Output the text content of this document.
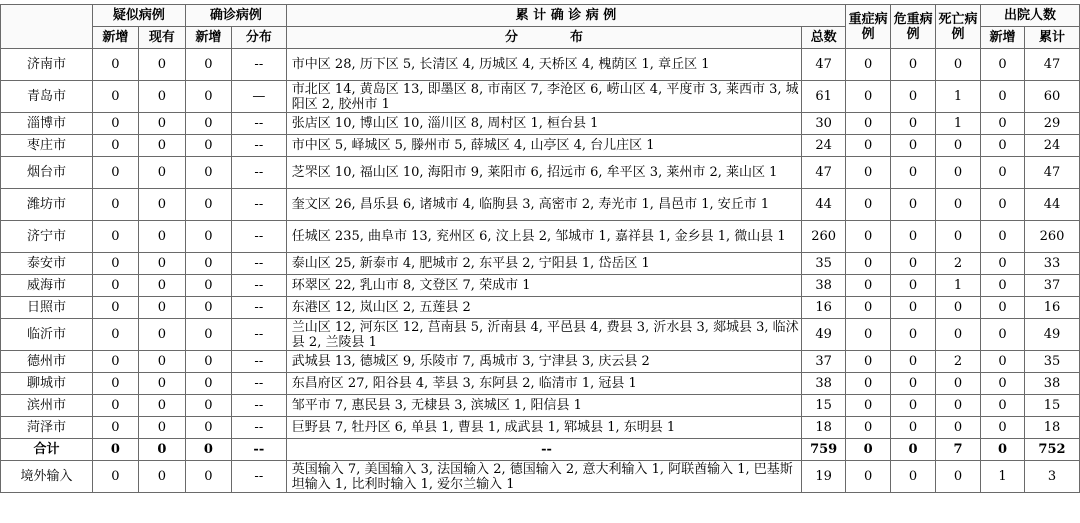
	疑似病例		确诊病例		累 计 确 诊 病 例		重症病例	危重病例	死亡病例	出院人数	
	新增	现有	新增	分布	分　　　　布	总数				新增	累计
济南市	0	0	0	--	市中区 28, 历下区 5, 长清区 4, 历城区 4, 天桥区 4, 槐荫区 1, 章丘区 1	47	0	0	0	0	47
青岛市	0	0	0	—	市北区 14, 黄岛区 13, 即墨区 8, 市南区 7, 李沧区 6, 崂山区 4, 平度市 3, 莱西市 3, 城阳区 2, 胶州市 1	61	0	0	1	0	60
淄博市	0	0	0	--	张店区 10, 博山区 10, 淄川区 8, 周村区 1, 桓台县 1	30	0	0	1	0	29
枣庄市	0	0	0	--	市中区 5, 峄城区 5, 滕州市 5, 薛城区 4, 山亭区 4, 台儿庄区 1	24	0	0	0	0	24
烟台市	0	0	0	--	芝罘区 10, 福山区 10, 海阳市 9, 莱阳市 6, 招远市 6, 牟平区 3, 莱州市 2, 莱山区 1	47	0	0	0	0	47
潍坊市	0	0	0	--	奎文区 26, 昌乐县 6, 诸城市 4, 临朐县 3, 高密市 2, 寿光市 1, 昌邑市 1, 安丘市 1	44	0	0	0	0	44
济宁市	0	0	0	--	任城区 235, 曲阜市 13, 兖州区 6, 汶上县 2, 邹城市 1, 嘉祥县 1, 金乡县 1, 微山县 1	260	0	0	0	0	260
泰安市	0	0	0	--	泰山区 25, 新泰市 4, 肥城市 2, 东平县 2, 宁阳县 1, 岱岳区 1	35	0	0	2	0	33
威海市	0	0	0	--	环翠区 22, 乳山市 8, 文登区 7, 荣成市 1	38	0	0	1	0	37
日照市	0	0	0	--	东港区 12, 岚山区 2, 五莲县 2	16	0	0	0	0	16
临沂市	0	0	0	--	兰山区 12, 河东区 12, 莒南县 5, 沂南县 4, 平邑县 4, 费县 3, 沂水县 3, 郯城县 3, 临沭县 2, 兰陵县 1	49	0	0	0	0	49
德州市	0	0	0	--	武城县 13, 德城区 9, 乐陵市 7, 禹城市 3, 宁津县 3, 庆云县 2	37	0	0	2	0	35
聊城市	0	0	0	--	东昌府区 27, 阳谷县 4, 莘县 3, 东阿县 2, 临清市 1, 冠县 1	38	0	0	0	0	38
滨州市	0	0	0	--	邹平市 7, 惠民县 3, 无棣县 3, 滨城区 1, 阳信县 1	15	0	0	0	0	15
菏泽市	0	0	0	--	巨野县 7, 牡丹区 6, 单县 1, 曹县 1, 成武县 1, 郓城县 1, 东明县 1	18	0	0	0	0	18
合计	0	0	0	--	--	759	0	0	7	0	752
境外输入	0	0	0	--	英国输入 7, 美国输入 3, 法国输入 2, 德国输入 2, 意大利输入 1, 阿联酋输入 1, 巴基斯坦输入 1, 比利时输入 1, 爱尔兰输入 1	19	0	0	0	1	3
